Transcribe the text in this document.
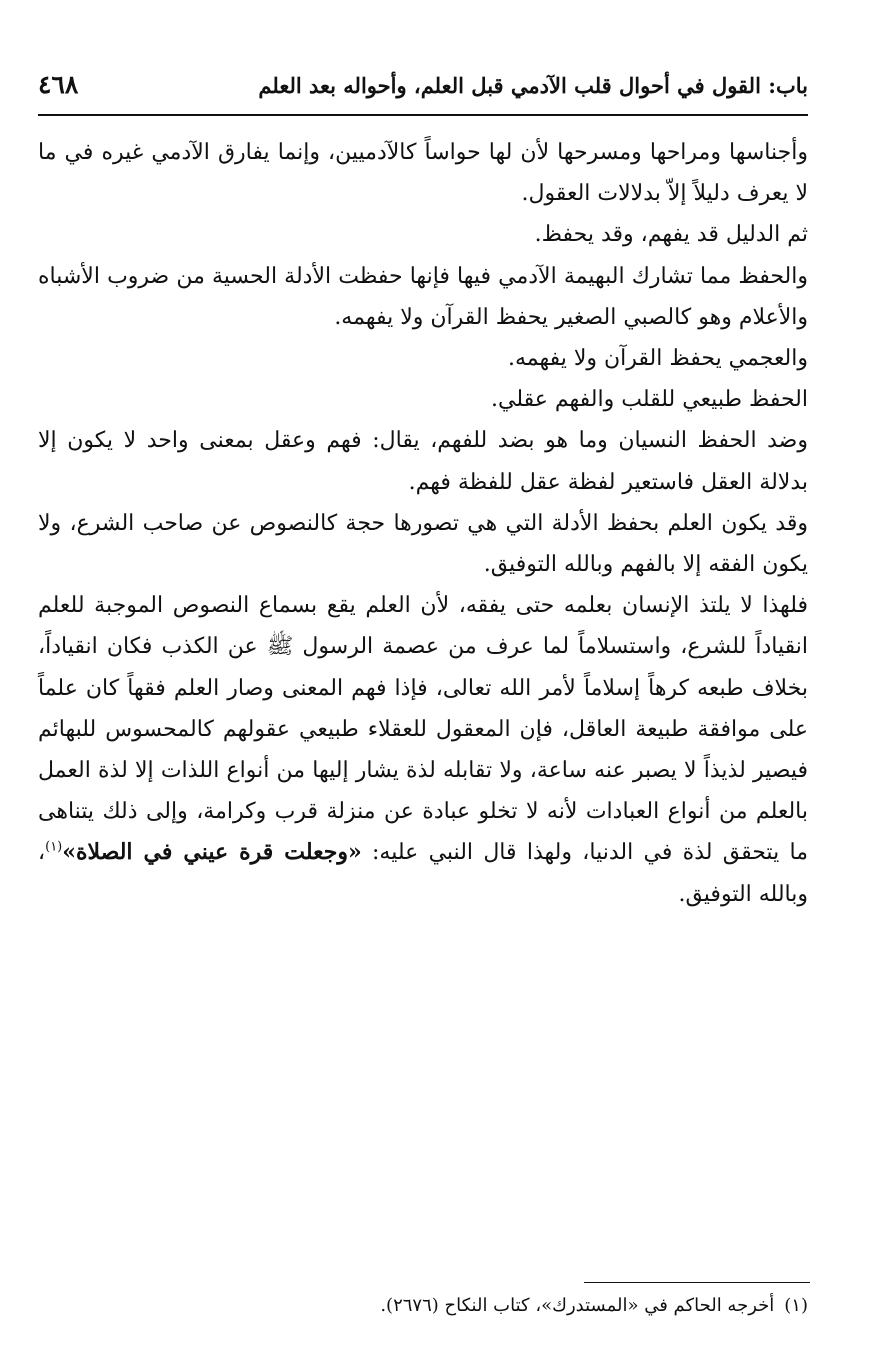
باب: القول في أحوال قلب الآدمي قبل العلم، وأحواله بعد العلم
٤٦٨

وأجناسها ومراحها ومسرحها لأن لها حواساً كالآدميين، وإنما يفارق الآدمي غيره في ما لا يعرف دليلاً إلاّ بدلالات العقول.

ثم الدليل قد يفهم، وقد يحفظ.

والحفظ مما تشارك البهيمة الآدمي فيها فإنها حفظت الأدلة الحسية من ضروب الأشباه والأعلام وهو كالصبي الصغير يحفظ القرآن ولا يفهمه.

والعجمي يحفظ القرآن ولا يفهمه.

الحفظ طبيعي للقلب والفهم عقلي.

وضد الحفظ النسيان وما هو بضد للفهم، يقال: فهم وعقل بمعنى واحد لا يكون إلا بدلالة العقل فاستعير لفظة عقل للفظة فهم.

وقد يكون العلم بحفظ الأدلة التي هي تصورها حجة كالنصوص عن صاحب الشرع، ولا يكون الفقه إلا بالفهم وبالله التوفيق.

فلهذا لا يلتذ الإنسان بعلمه حتى يفقه، لأن العلم يقع بسماع النصوص الموجبة للعلم انقياداً للشرع، واستسلاماً لما عرف من عصمة الرسول ﷺ عن الكذب فكان انقياداً، بخلاف طبعه كرهاً إسلاماً لأمر الله تعالى، فإذا فهم المعنى وصار العلم فقهاً كان علماً على موافقة طبيعة العاقل، فإن المعقول للعقلاء طبيعي عقولهم كالمحسوس للبهائم فيصير لذيذاً لا يصبر عنه ساعة، ولا تقابله لذة يشار إليها من أنواع اللذات إلا لذة العمل بالعلم من أنواع العبادات لأنه لا تخلو عبادة عن منزلة قرب وكرامة، وإلى ذلك يتناهى ما يتحقق لذة في الدنيا، ولهذا قال النبي عليه: «وجعلت قرة عيني في الصلاة»$^{(١)}$، وبالله التوفيق.

(١)أخرجه الحاكم في «المستدرك»، كتاب النكاح (٢٦٧٦).
